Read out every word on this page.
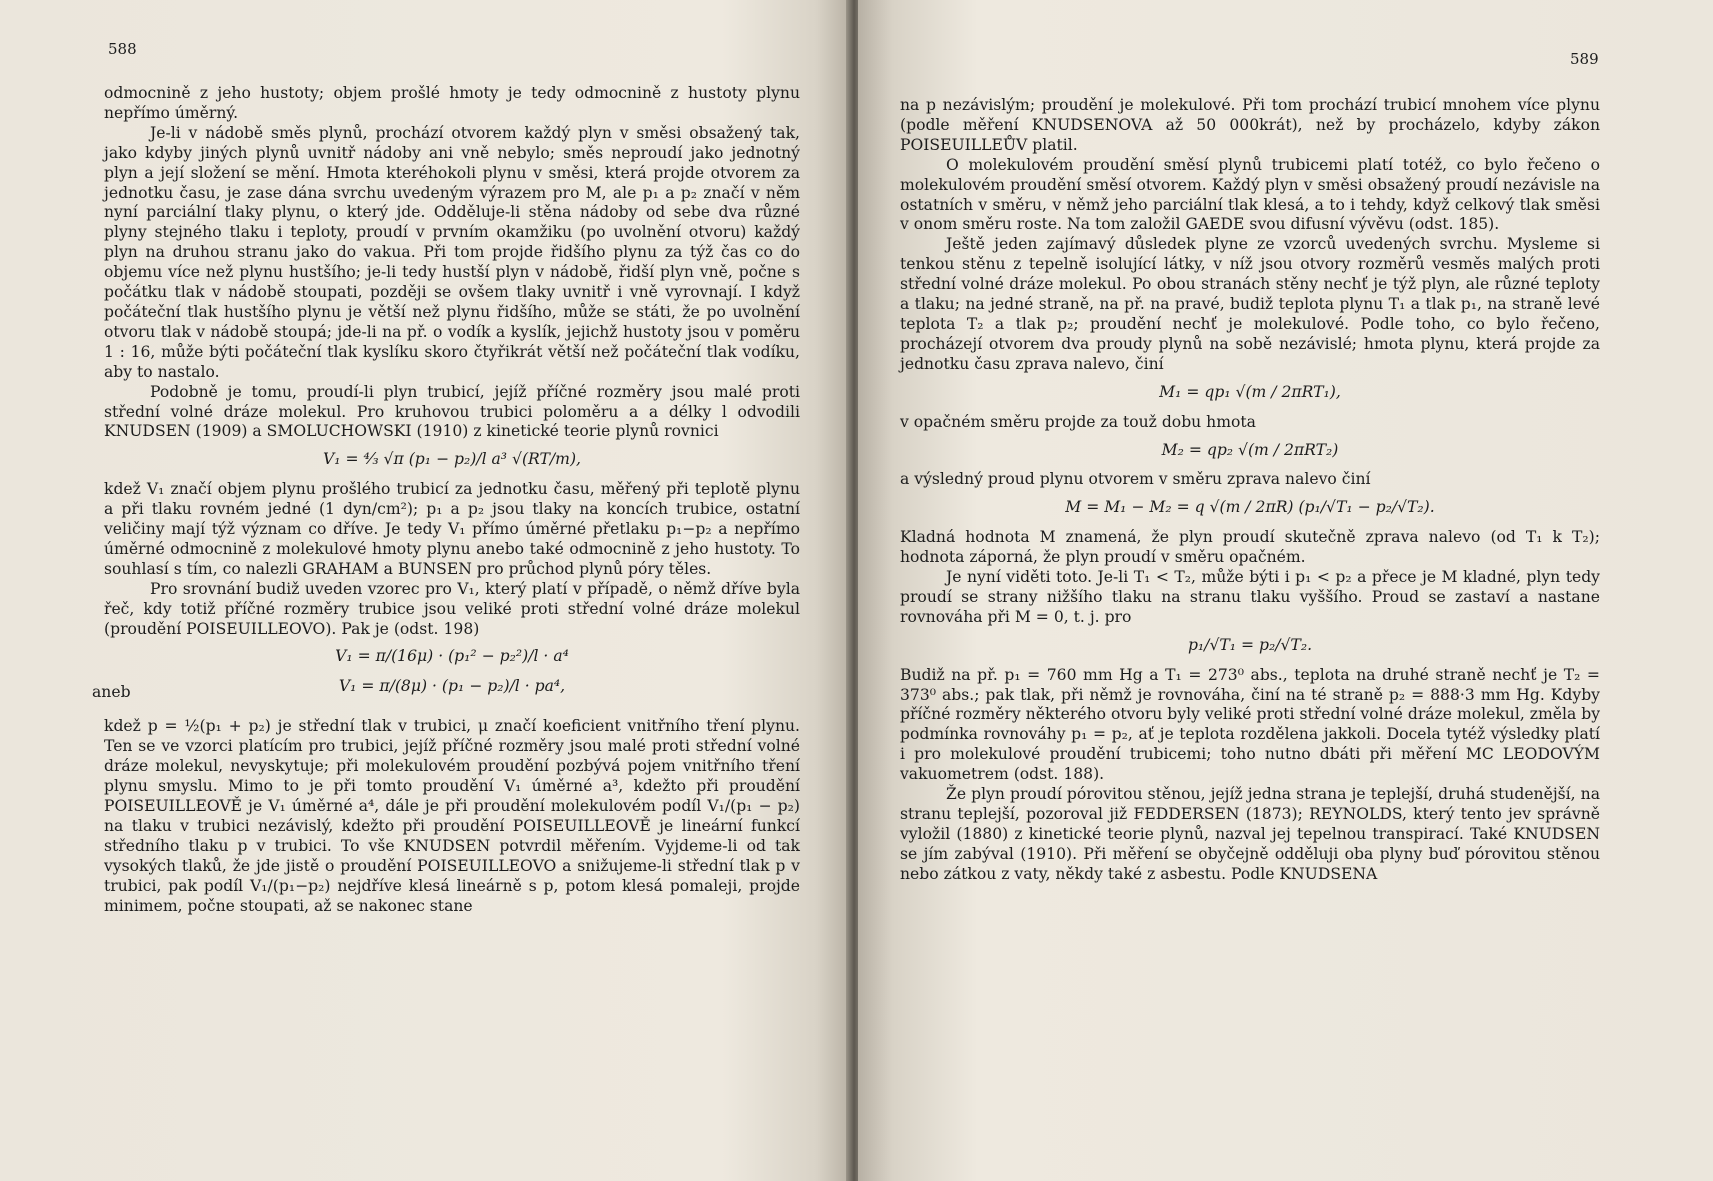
588

odmocnině z jeho hustoty; objem prošlé hmoty je tedy odmocnině z hustoty plynu nepřímo úměrný.

Je-li v nádobě směs plynů, prochází otvorem každý plyn v směsi obsažený tak, jako kdyby jiných plynů uvnitř nádoby ani vně nebylo; směs neproudí jako jednotný plyn a její složení se mění. Hmota kteréhokoli plynu v směsi, která projde otvorem za jednotku času, je zase dána svrchu uvedeným výrazem pro M, ale p₁ a p₂ značí v něm nyní parciální tlaky plynu, o který jde. Odděluje-li stěna nádoby od sebe dva různé plyny stejného tlaku i teploty, proudí v prvním okamžiku (po uvolnění otvoru) každý plyn na druhou stranu jako do vakua. Při tom projde řidšího plynu za týž čas co do objemu více než plynu hustšího; je-li tedy hustší plyn v nádobě, řidší plyn vně, počne s počátku tlak v nádobě stoupati, později se ovšem tlaky uvnitř i vně vyrovnají. I když počáteční tlak hustšího plynu je větší než plynu řidšího, může se státi, že po uvolnění otvoru tlak v nádobě stoupá; jde-li na př. o vodík a kyslík, jejichž hustoty jsou v poměru 1 : 16, může býti počáteční tlak kyslíku skoro čtyřikrát větší než počáteční tlak vodíku, aby to nastalo.

Podobně je tomu, proudí-li plyn trubicí, jejíž příčné rozměry jsou malé proti střední volné dráze molekul. Pro kruhovou trubici poloměru a a délky l odvodili KNUDSEN (1909) a SMOLUCHOWSKI (1910) z kinetické teorie plynů rovnici

V₁ = ⁴⁄₃ √π (p₁ − p₂)/l a³ √(RT/m),

kdež V₁ značí objem plynu prošlého trubicí za jednotku času, měřený při teplotě plynu a při tlaku rovném jedné (1 dyn/cm²); p₁ a p₂ jsou tlaky na koncích trubice, ostatní veličiny mají týž význam co dříve. Je tedy V₁ přímo úměrné přetlaku p₁−p₂ a nepřímo úměrné odmocnině z molekulové hmoty plynu anebo také odmocnině z jeho hustoty. To souhlasí s tím, co nalezli GRAHAM a BUNSEN pro průchod plynů póry těles.

Pro srovnání budiž uveden vzorec pro V₁, který platí v případě, o němž dříve byla řeč, kdy totiž příčné rozměry trubice jsou veliké proti střední volné dráze molekul (proudění POISEUILLEOVO). Pak je (odst. 198)

V₁ = π/(16μ) · (p₁² − p₂²)/l · a⁴
aneb	V₁ = π/(8μ) · (p₁ − p₂)/l · pa⁴,

kdež p = ½(p₁ + p₂) je střední tlak v trubici, μ značí koeficient vnitřního tření plynu. Ten se ve vzorci platícím pro trubici, jejíž příčné rozměry jsou malé proti střední volné dráze molekul, nevyskytuje; při molekulovém proudění pozbývá pojem vnitřního tření plynu smyslu. Mimo to je při tomto proudění V₁ úměrné a³, kdežto při proudění POISEUILLEOVĚ je V₁ úměrné a⁴, dále je při proudění molekulovém podíl V₁/(p₁ − p₂) na tlaku v trubici nezávislý, kdežto při proudění POISEUILLEOVĚ je lineární funkcí středního tlaku p v trubici. To vše KNUDSEN potvrdil měřením. Vyjdeme-li od tak vysokých tlaků, že jde jistě o proudění POISEUILLEOVO a snižujeme-li střední tlak p v trubici, pak podíl V₁/(p₁−p₂) nejdříve klesá lineárně s p, potom klesá pomaleji, projde minimem, počne stoupati, až se nakonec stane

589

na p nezávislým; proudění je molekulové. Při tom prochází trubicí mnohem více plynu (podle měření KNUDSENOVA až 50 000krát), než by procházelo, kdyby zákon POISEUILLEŮV platil.

O molekulovém proudění směsí plynů trubicemi platí totéž, co bylo řečeno o molekulovém proudění směsí otvorem. Každý plyn v směsi obsažený proudí nezávisle na ostatních v směru, v němž jeho parciální tlak klesá, a to i tehdy, když celkový tlak směsi v onom směru roste. Na tom založil GAEDE svou difusní vývěvu (odst. 185).

Ještě jeden zajímavý důsledek plyne ze vzorců uvedených svrchu. Mysleme si tenkou stěnu z tepelně isolující látky, v níž jsou otvory rozměrů vesměs malých proti střední volné dráze molekul. Po obou stranách stěny nechť je týž plyn, ale různé teploty a tlaku; na jedné straně, na př. na pravé, budiž teplota plynu T₁ a tlak p₁, na straně levé teplota T₂ a tlak p₂; proudění nechť je molekulové. Podle toho, co bylo řečeno, procházejí otvorem dva proudy plynů na sobě nezávislé; hmota plynu, která projde za jednotku času zprava nalevo, činí

M₁ = qp₁ √(m / 2πRT₁),

v opačném směru projde za touž dobu hmota

M₂ = qp₂ √(m / 2πRT₂)

a výsledný proud plynu otvorem v směru zprava nalevo činí

M = M₁ − M₂ = q √(m / 2πR) (p₁/√T₁ − p₂/√T₂).

Kladná hodnota M znamená, že plyn proudí skutečně zprava nalevo (od T₁ k T₂); hodnota záporná, že plyn proudí v směru opačném.

Je nyní viděti toto. Je-li T₁ < T₂, může býti i p₁ < p₂ a přece je M kladné, plyn tedy proudí se strany nižšího tlaku na stranu tlaku vyššího. Proud se zastaví a nastane rovnováha při M = 0, t. j. pro

p₁/√T₁ = p₂/√T₂.

Budiž na př. p₁ = 760 mm Hg a T₁ = 273⁰ abs., teplota na druhé straně nechť je T₂ = 373⁰ abs.; pak tlak, při němž je rovnováha, činí na té straně p₂ = 888·3 mm Hg. Kdyby příčné rozměry některého otvoru byly veliké proti střední volné dráze molekul, změla by podmínka rovnováhy p₁ = p₂, ať je teplota rozdělena jakkoli. Docela tytéž výsledky platí i pro molekulové proudění trubicemi; toho nutno dbáti při měření MC LEODOVÝM vakuometrem (odst. 188).

Že plyn proudí pórovitou stěnou, jejíž jedna strana je teplejší, druhá studenější, na stranu teplejší, pozoroval již FEDDERSEN (1873); REYNOLDS, který tento jev správně vyložil (1880) z kinetické teorie plynů, nazval jej tepelnou transpirací. Také KNUDSEN se jím zabýval (1910). Při měření se obyčejně odděluji oba plyny buď pórovitou stěnou nebo zátkou z vaty, někdy také z asbestu. Podle KNUDSENA
